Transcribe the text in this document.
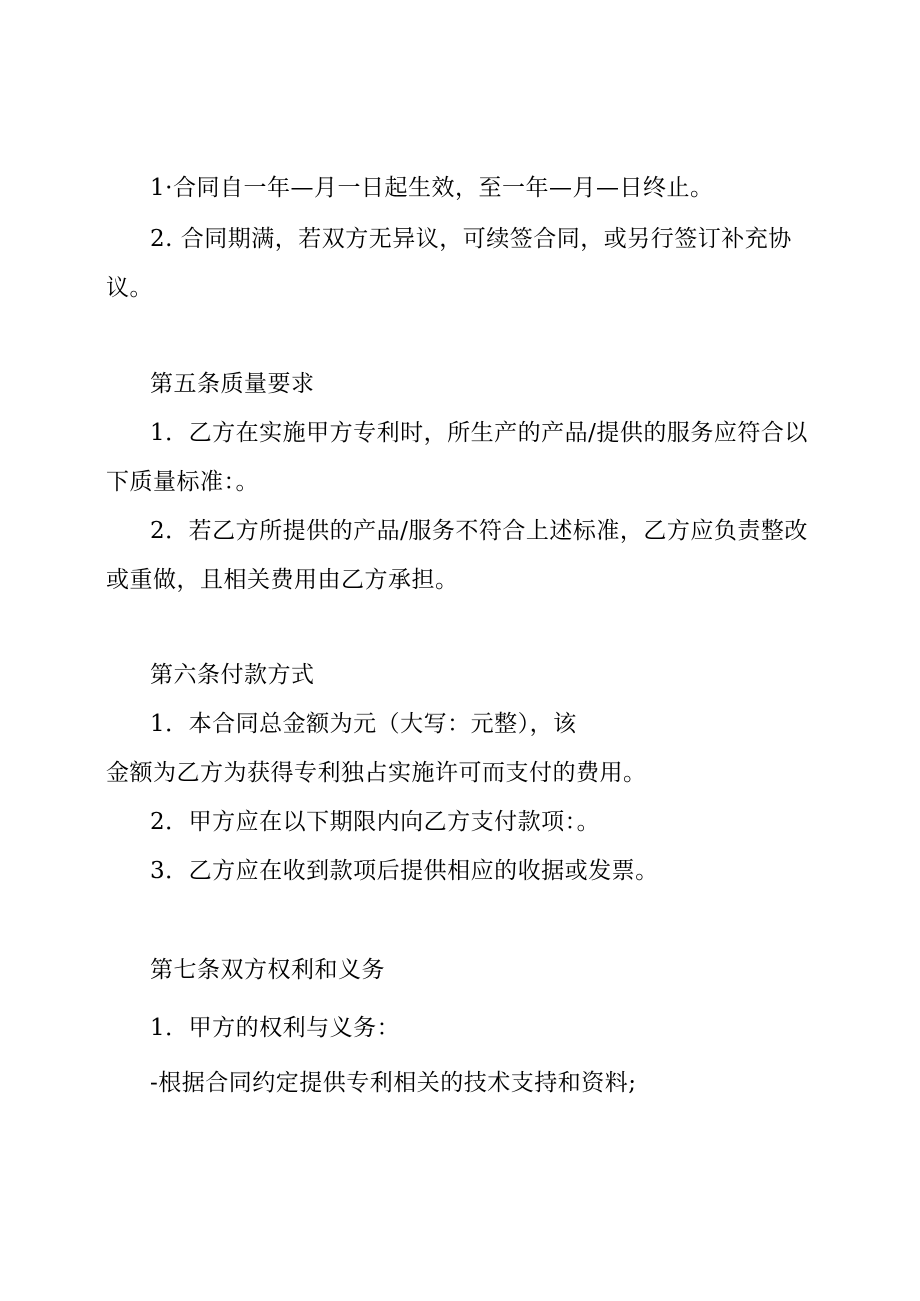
1·合同自一年—月一日起生效，至一年—月—日终止。
2. 合同期满，若双方无异议，可续签合同，或另行签订补充协
议。
第五条质量要求
1．乙方在实施甲方专利时，所生产的产品/提供的服务应符合以
下质量标准：。
2．若乙方所提供的产品/服务不符合上述标准，乙方应负责整改
或重做，且相关费用由乙方承担。
第六条付款方式
1．本合同总金额为元（大写：元整），该
金额为乙方为获得专利独占实施许可而支付的费用。
2．甲方应在以下期限内向乙方支付款项：。
3．乙方应在收到款项后提供相应的收据或发票。
第七条双方权利和义务
1．甲方的权利与义务：
-根据合同约定提供专利相关的技术支持和资料;
